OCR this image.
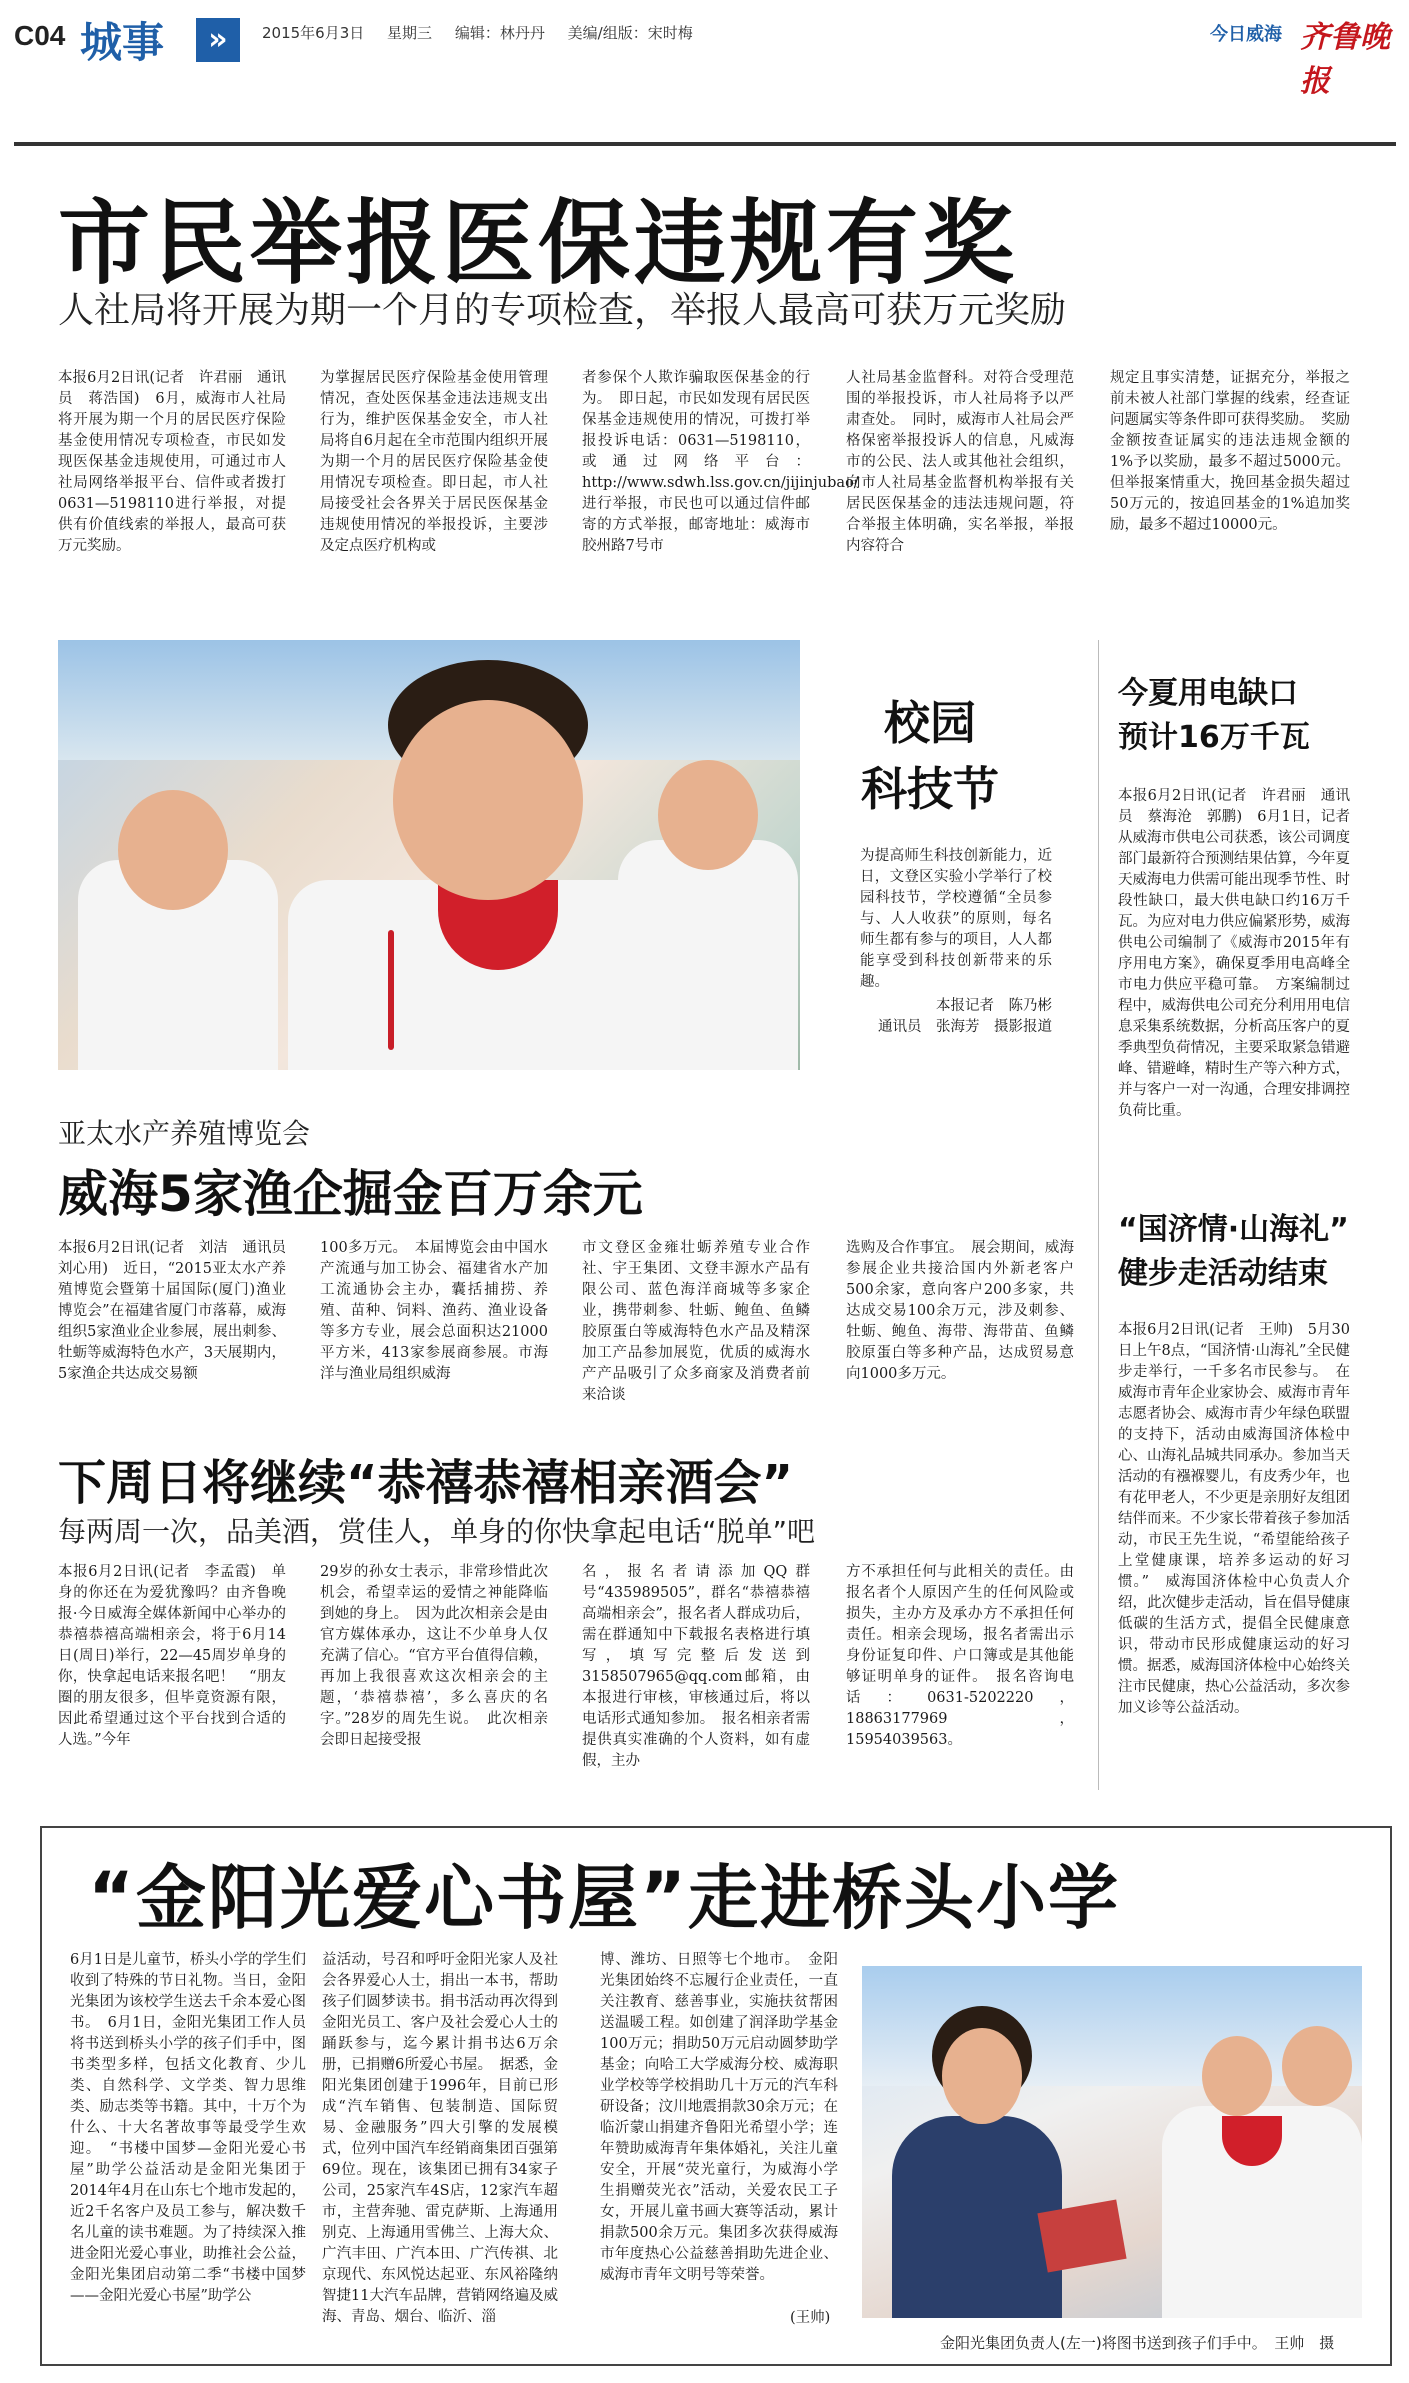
C04 城事	»	2015年6月3日 星期三 编辑：林丹丹 美编/组版：宋时梅	今日威海 齐鲁晚报
市民举报医保违规有奖
人社局将开展为期一个月的专项检查，举报人最高可获万元奖励
本报6月2日讯(记者　许君丽　通讯员　蒋浩国)　6月，威海市人社局将开展为期一个月的居民医疗保险基金使用情况专项检查，市民如发现医保基金违规使用，可通过市人社局网络举报平台、信件或者拨打0631—5198110进行举报，对提供有价值线索的举报人，最高可获万元奖励。
为掌握居民医疗保险基金使用管理情况，查处医保基金违法违规支出行为，维护医保基金安全，市人社局将自6月起在全市范围内组织开展为期一个月的居民医疗保险基金使用情况专项检查。即日起，市人社局接受社会各界关于居民医保基金违规使用情况的举报投诉，主要涉及定点医疗机构或
者参保个人欺诈骗取医保基金的行为。　即日起，市民如发现有居民医保基金违规使用的情况，可拨打举报投诉电话：0631—5198110，或通过网络平台：http://www.sdwh.lss.gov.cn/jijinjubao/进行举报，市民也可以通过信件邮寄的方式举报，邮寄地址：威海市胶州路7号市
人社局基金监督科。对符合受理范围的举报投诉，市人社局将予以严肃查处。　同时，威海市人社局会严格保密举报投诉人的信息，凡威海市的公民、法人或其他社会组织，向市人社局基金监督机构举报有关居民医保基金的违法违规问题，符合举报主体明确，实名举报，举报内容符合
规定且事实清楚，证据充分，举报之前未被人社部门掌握的线索，经查证问题属实等条件即可获得奖励。　奖励金额按查证属实的违法违规金额的1%予以奖励，最多不超过5000元。但举报案情重大，挽回基金损失超过50万元的，按追回基金的1%追加奖励，最多不超过10000元。
校园
科技节
为提高师生科技创新能力，近日，文登区实验小学举行了校园科技节，学校遵循“全员参与、人人收获”的原则，每名师生都有参与的项目，人人都能享受到科技创新带来的乐趣。
本报记者　陈乃彬
通讯员　张海芳　摄影报道
今夏用电缺口
预计16万千瓦
本报6月2日讯(记者　许君丽　通讯员　蔡海沧　郭鹏)　6月1日，记者从威海市供电公司获悉，该公司调度部门最新符合预测结果估算，今年夏天威海电力供需可能出现季节性、时段性缺口，最大供电缺口约16万千瓦。为应对电力供应偏紧形势，威海供电公司编制了《威海市2015年有序用电方案》，确保夏季用电高峰全市电力供应平稳可靠。　方案编制过程中，威海供电公司充分利用用电信息采集系统数据，分析高压客户的夏季典型负荷情况，主要采取紧急错避峰、错避峰，精时生产等六种方式，并与客户一对一沟通，合理安排调控负荷比重。
亚太水产养殖博览会
威海5家渔企掘金百万余元
本报6月2日讯(记者　刘洁　通讯员　刘心用)　近日，“2015亚太水产养殖博览会暨第十届国际(厦门)渔业博览会”在福建省厦门市落幕，威海组织5家渔业企业参展，展出刺参、牡蛎等威海特色水产，3天展期内，5家渔企共达成交易额
100多万元。　本届博览会由中国水产流通与加工协会、福建省水产加工流通协会主办，囊括捕捞、养殖、苗种、饲料、渔药、渔业设备等多方专业，展会总面积达21000平方米，413家参展商参展。市海洋与渔业局组织威海
市文登区金雍壮蛎养殖专业合作社、宇王集团、文登丰源水产品有限公司、蓝色海洋商城等多家企业，携带刺参、牡蛎、鲍鱼、鱼鳞胶原蛋白等威海特色水产品及精深加工产品参加展览，优质的威海水产产品吸引了众多商家及消费者前来洽谈
选购及合作事宜。　展会期间，威海参展企业共接洽国内外新老客户500余家，意向客户200多家，共达成交易100余万元，涉及刺参、牡蛎、鲍鱼、海带、海带苗、鱼鳞胶原蛋白等多种产品，达成贸易意向1000多万元。
“国济情·山海礼”
健步走活动结束
本报6月2日讯(记者　王帅)　5月30日上午8点，“国济情·山海礼”全民健步走举行，一千多名市民参与。　在威海市青年企业家协会、威海市青年志愿者协会、威海市青少年绿色联盟的支持下，活动由威海国济体检中心、山海礼品城共同承办。参加当天活动的有襁褓婴儿，有皮秀少年，也有花甲老人，不少更是亲朋好友组团结伴而来。不少家长带着孩子参加活动，市民王先生说，“希望能给孩子上堂健康课，培养多运动的好习惯。”　威海国济体检中心负责人介绍，此次健步走活动，旨在倡导健康低碳的生活方式，提倡全民健康意识，带动市民形成健康运动的好习惯。据悉，威海国济体检中心始终关注市民健康，热心公益活动，多次参加义诊等公益活动。
下周日将继续“恭禧恭禧相亲酒会”
每两周一次，品美酒，赏佳人，单身的你快拿起电话“脱单”吧
本报6月2日讯(记者　李孟霞)　单身的你还在为爱犹豫吗？由齐鲁晚报·今日威海全媒体新闻中心举办的恭禧恭禧高端相亲会，将于6月14日(周日)举行，22—45周岁单身的你，快拿起电话来报名吧！　“朋友圈的朋友很多，但毕竟资源有限，因此希望通过这个平台找到合适的人选。”今年
29岁的孙女士表示，非常珍惜此次机会，希望幸运的爱情之神能降临到她的身上。　因为此次相亲会是由官方媒体承办，这让不少单身人仅充满了信心。“官方平台值得信赖，再加上我很喜欢这次相亲会的主题，‘恭禧恭禧’，多么喜庆的名字。”28岁的周先生说。　此次相亲会即日起接受报
名，报名者请添加QQ群号“435989505”，群名“恭禧恭禧高端相亲会”，报名者人群成功后，需在群通知中下载报名表格进行填写，填写完整后发送到3158507965@qq.com邮箱，由本报进行审核，审核通过后，将以电话形式通知参加。　报名相亲者需提供真实准确的个人资料，如有虚假，主办
方不承担任何与此相关的责任。由报名者个人原因产生的任何风险或损失，主办方及承办方不承担任何责任。相亲会现场，报名者需出示身份证复印件、户口簿或是其他能够证明单身的证件。　报名咨询电话：0631-5202220，18863177969，15954039563。
“金阳光爱心书屋”走进桥头小学
6月1日是儿童节，桥头小学的学生们收到了特殊的节日礼物。当日，金阳光集团为该校学生送去千余本爱心图书。　6月1日，金阳光集团工作人员将书送到桥头小学的孩子们手中，图书类型多样，包括文化教育、少儿类、自然科学、文学类、智力思维类、励志类等书籍。其中，十万个为什么、十大名著故事等最受学生欢迎。　“书楼中国梦—金阳光爱心书屋”助学公益活动是金阳光集团于2014年4月在山东七个地市发起的，近2千名客户及员工参与，解决数千名儿童的读书难题。为了持续深入推进金阳光爱心事业，助推社会公益，金阳光集团启动第二季“书楼中国梦——金阳光爱心书屋”助学公
益活动，号召和呼吁金阳光家人及社会各界爱心人士，捐出一本书，帮助孩子们圆梦读书。捐书活动再次得到金阳光员工、客户及社会爱心人士的踊跃参与，迄今累计捐书达6万余册，已捐赠6所爱心书屋。　据悉，金阳光集团创建于1996年，目前已形成“汽车销售、包装制造、国际贸易、金融服务”四大引擎的发展模式，位列中国汽车经销商集团百强第69位。现在，该集团已拥有34家子公司，25家汽车4S店，12家汽车超市，主营奔驰、雷克萨斯、上海通用别克、上海通用雪佛兰、上海大众、广汽丰田、广汽本田、广汽传祺、北京现代、东风悦达起亚、东风裕隆纳智捷11大汽车品牌，营销网络遍及威海、青岛、烟台、临沂、淄
博、潍坊、日照等七个地市。　金阳光集团始终不忘履行企业责任，一直关注教育、慈善事业，实施扶贫帮困送温暖工程。如创建了润泽助学基金100万元；捐助50万元启动圆梦助学基金；向哈工大学威海分校、威海职业学校等学校捐助几十万元的汽车科研设备；汶川地震捐款30余万元；在临沂蒙山捐建齐鲁阳光希望小学；连年赞助威海青年集体婚礼，关注儿童安全，开展“荧光童行，为威海小学生捐赠荧光衣”活动，关爱农民工子女，开展儿童书画大赛等活动，累计捐款500余万元。集团多次获得威海市年度热心公益慈善捐助先进企业、威海市青年文明号等荣誉。
(王帅)
金阳光集团负责人(左一)将图书送到孩子们手中。　王帅　摄
